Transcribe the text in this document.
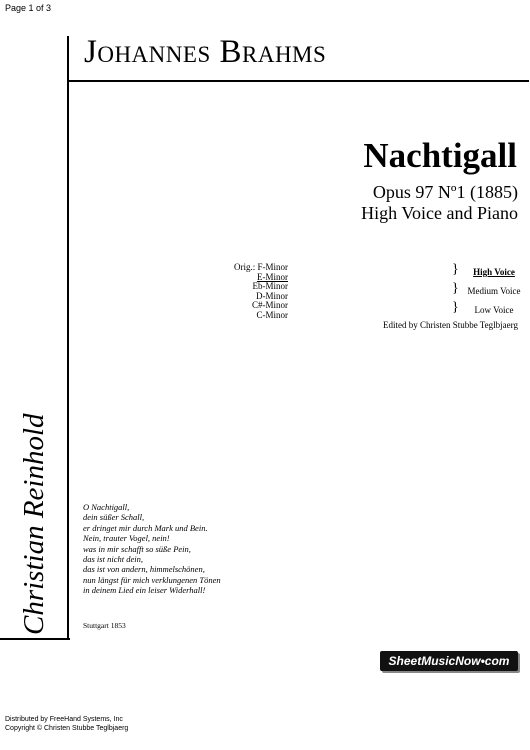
Page 1 of 3
Johannes Brahms
Nachtigall
Opus 97 Nº1 (1885)
High Voice and Piano
Orig.: F-Minor
E-Minor	}	High Voice
Eb-Minor
D-Minor	} Medium Voice
C#-Minor
C-Minor	}	Low Voice
Edited by Christen Stubbe Teglbjaerg
Christian Reinhold	O Nachtigall,
dein süßer Schall,
er dringet mir durch Mark und Bein.
Nein, trauter Vogel, nein!
was in mir schafft so süße Pein,
das ist nicht dein,
das ist von andern, himmelschönen,
nun längst für mich verklungenen Tönen
in deinem Lied ein leiser Widerhall!
Stuttgart 1853
SheetMusicNow•com
Distributed by FreeHand Systems, Inc
Copyright © Christen Stubbe Teglbjaerg
